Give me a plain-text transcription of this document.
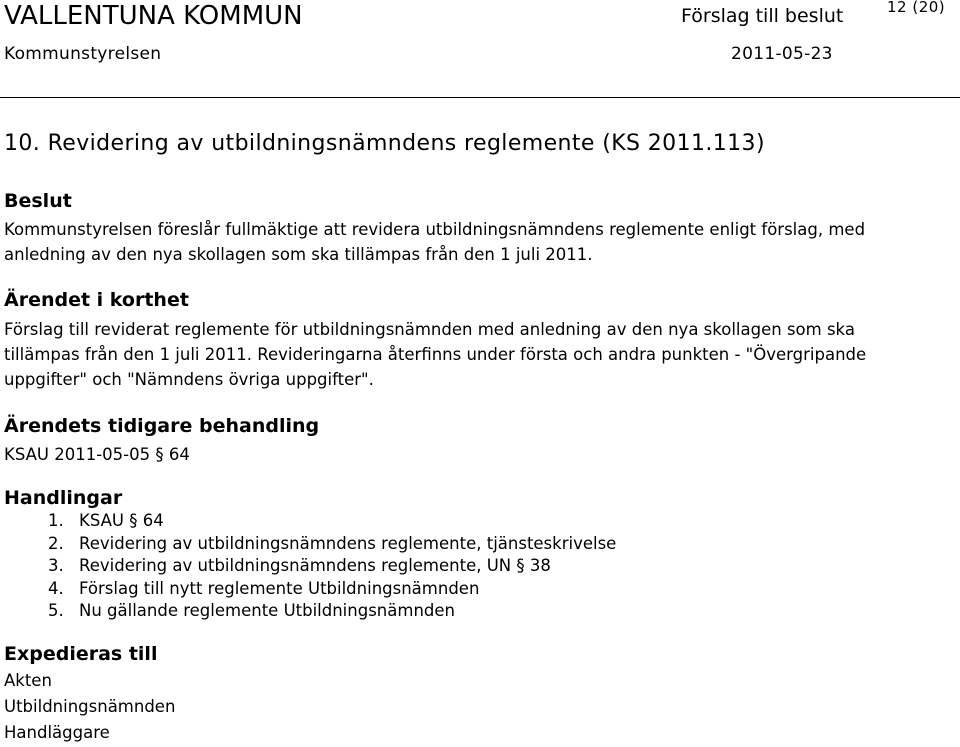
VALLENTUNA KOMMUN	Förslag till beslut	12 (20)
Kommunstyrelsen	2011-05-23
10. Revidering av utbildningsnämndens reglemente (KS 2011.113)
Beslut
Kommunstyrelsen föreslår fullmäktige att revidera utbildningsnämndens reglemente enligt förslag, med anledning av den nya skollagen som ska tillämpas från den 1 juli 2011.
Ärendet i korthet
Förslag till reviderat reglemente för utbildningsnämnden med anledning av den nya skollagen som ska tillämpas från den 1 juli 2011. Revideringarna återfinns under första och andra punkten - "Övergripande uppgifter" och "Nämndens övriga uppgifter".
Ärendets tidigare behandling
KSAU 2011-05-05 § 64
Handlingar
1. KSAU § 64
2. Revidering av utbildningsnämndens reglemente, tjänsteskrivelse
3. Revidering av utbildningsnämndens reglemente, UN § 38
4. Förslag till nytt reglemente Utbildningsnämnden
5. Nu gällande reglemente Utbildningsnämnden
Expedieras till
Akten
Utbildningsnämnden
Handläggare
